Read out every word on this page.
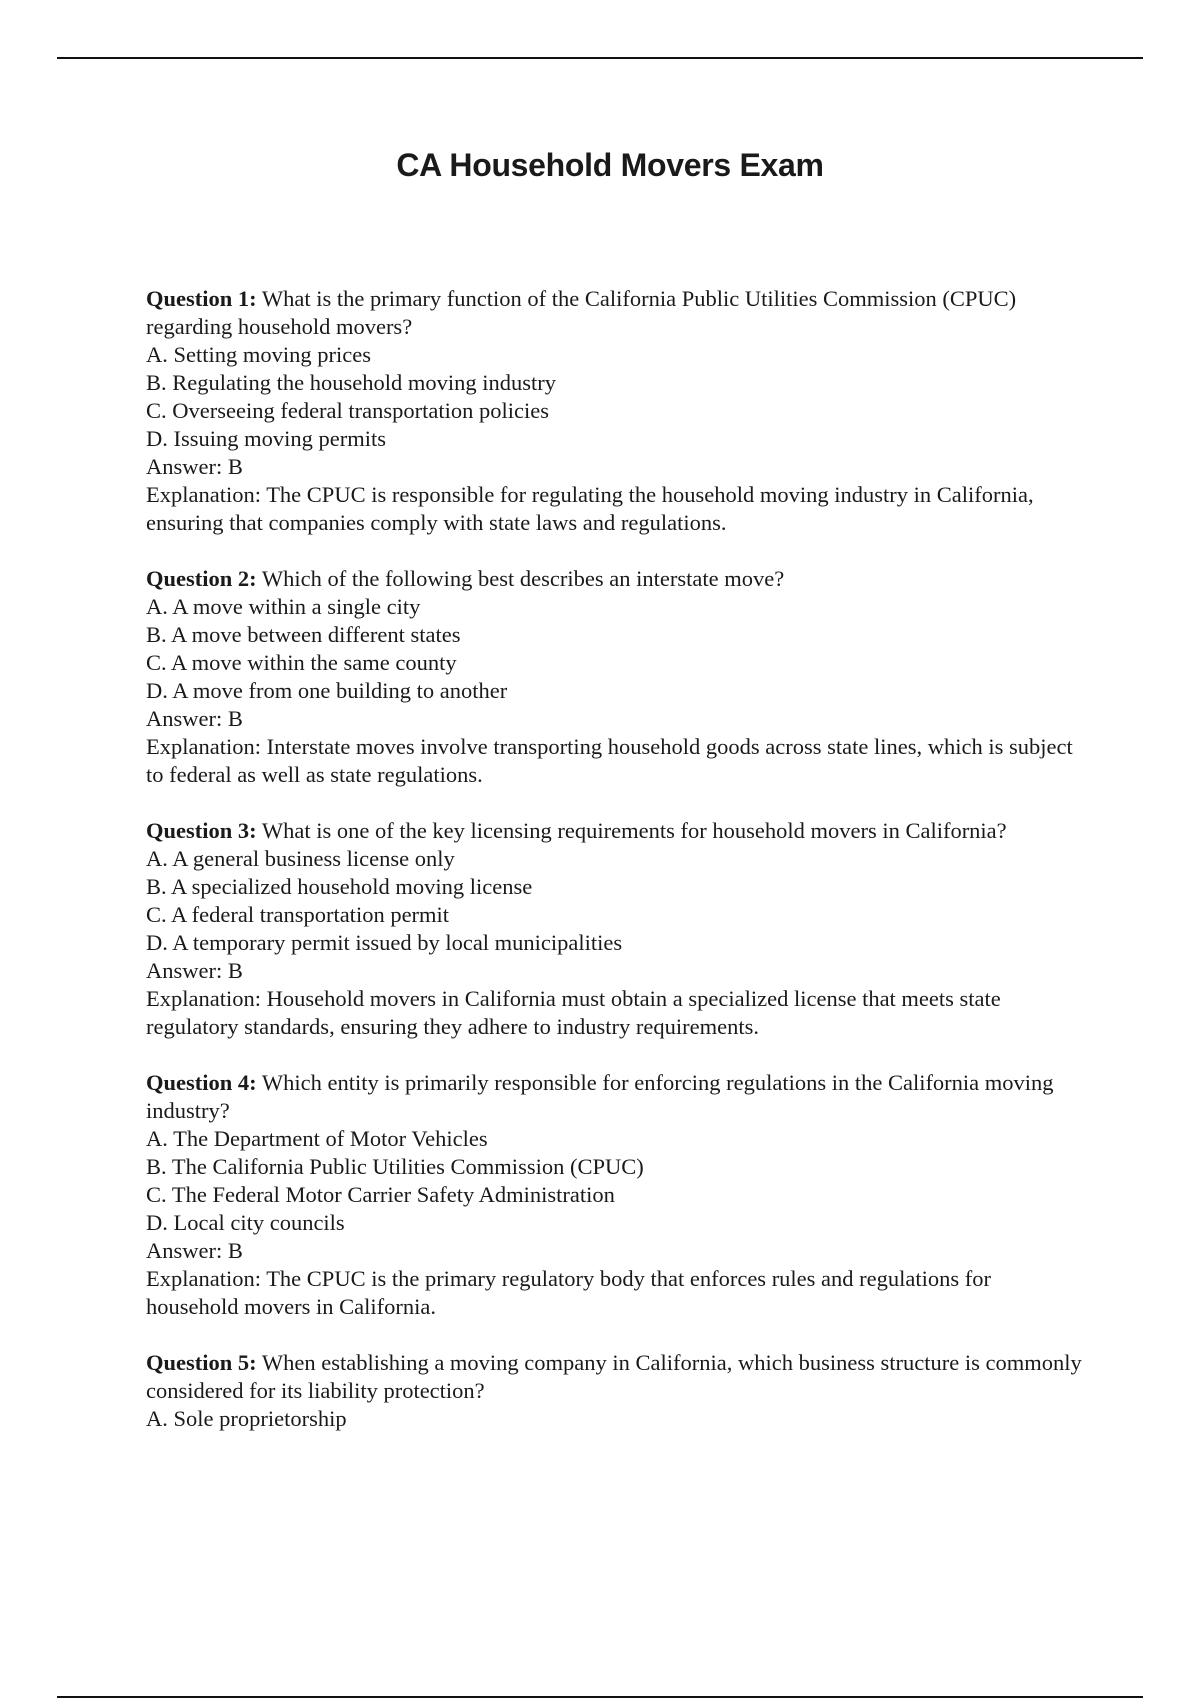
CA Household Movers Exam

Question 1: What is the primary function of the California Public Utilities Commission (CPUC) regarding household movers?

A. Setting moving prices

B. Regulating the household moving industry

C. Overseeing federal transportation policies

D. Issuing moving permits

Answer: B

Explanation: The CPUC is responsible for regulating the household moving industry in California, ensuring that companies comply with state laws and regulations.

Question 2: Which of the following best describes an interstate move?

A. A move within a single city

B. A move between different states

C. A move within the same county

D. A move from one building to another

Answer: B

Explanation: Interstate moves involve transporting household goods across state lines, which is subject to federal as well as state regulations.

Question 3: What is one of the key licensing requirements for household movers in California?

A. A general business license only

B. A specialized household moving license

C. A federal transportation permit

D. A temporary permit issued by local municipalities

Answer: B

Explanation: Household movers in California must obtain a specialized license that meets state regulatory standards, ensuring they adhere to industry requirements.

Question 4: Which entity is primarily responsible for enforcing regulations in the California moving industry?

A. The Department of Motor Vehicles

B. The California Public Utilities Commission (CPUC)

C. The Federal Motor Carrier Safety Administration

D. Local city councils

Answer: B

Explanation: The CPUC is the primary regulatory body that enforces rules and regulations for household movers in California.

Question 5: When establishing a moving company in California, which business structure is commonly considered for its liability protection?

A. Sole proprietorship
